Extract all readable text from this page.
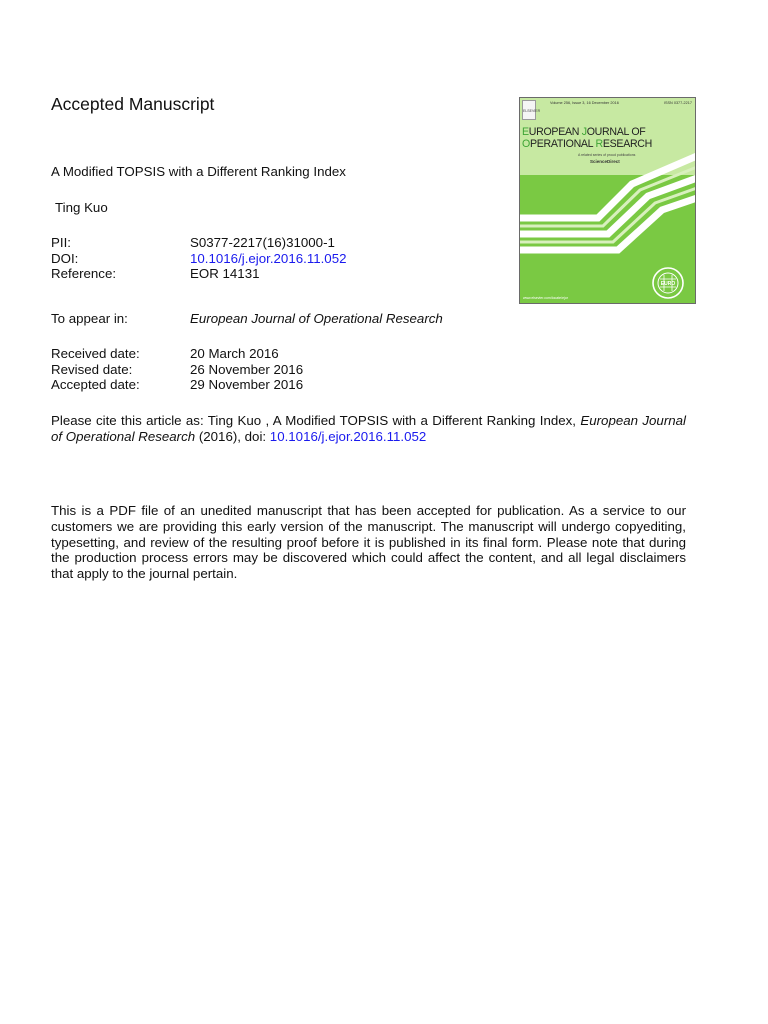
Accepted Manuscript
A Modified TOPSIS with a Different Ranking Index
Ting Kuo
PII:	S0377-2217(16)31000-1
DOI:	10.1016/j.ejor.2016.11.052
Reference:	EOR 14131
To appear in:	European Journal of Operational Research
Received date:	20 March 2016
Revised date:	26 November 2016
Accepted date:	29 November 2016
Please cite this article as: Ting Kuo , A Modified TOPSIS with a Different Ranking Index, European Journal of Operational Research (2016), doi: 10.1016/j.ejor.2016.11.052
This is a PDF file of an unedited manuscript that has been accepted for publication. As a service to our customers we are providing this early version of the manuscript. The manuscript will undergo copyediting, typesetting, and review of the resulting proof before it is published in its final form. Please note that during the production process errors may be discovered which could affect the content, and all legal disclaimers that apply to the journal pertain.
ELSEVIER
Volume 256, Issue 3, 16 December 2016	ISSN 0377-2217
EUROPEAN JOURNAL OF
OPERATIONAL RESEARCH
A related series of proud publications
ScienceDirect
EURO
www.elsevier.com/locate/ejor
